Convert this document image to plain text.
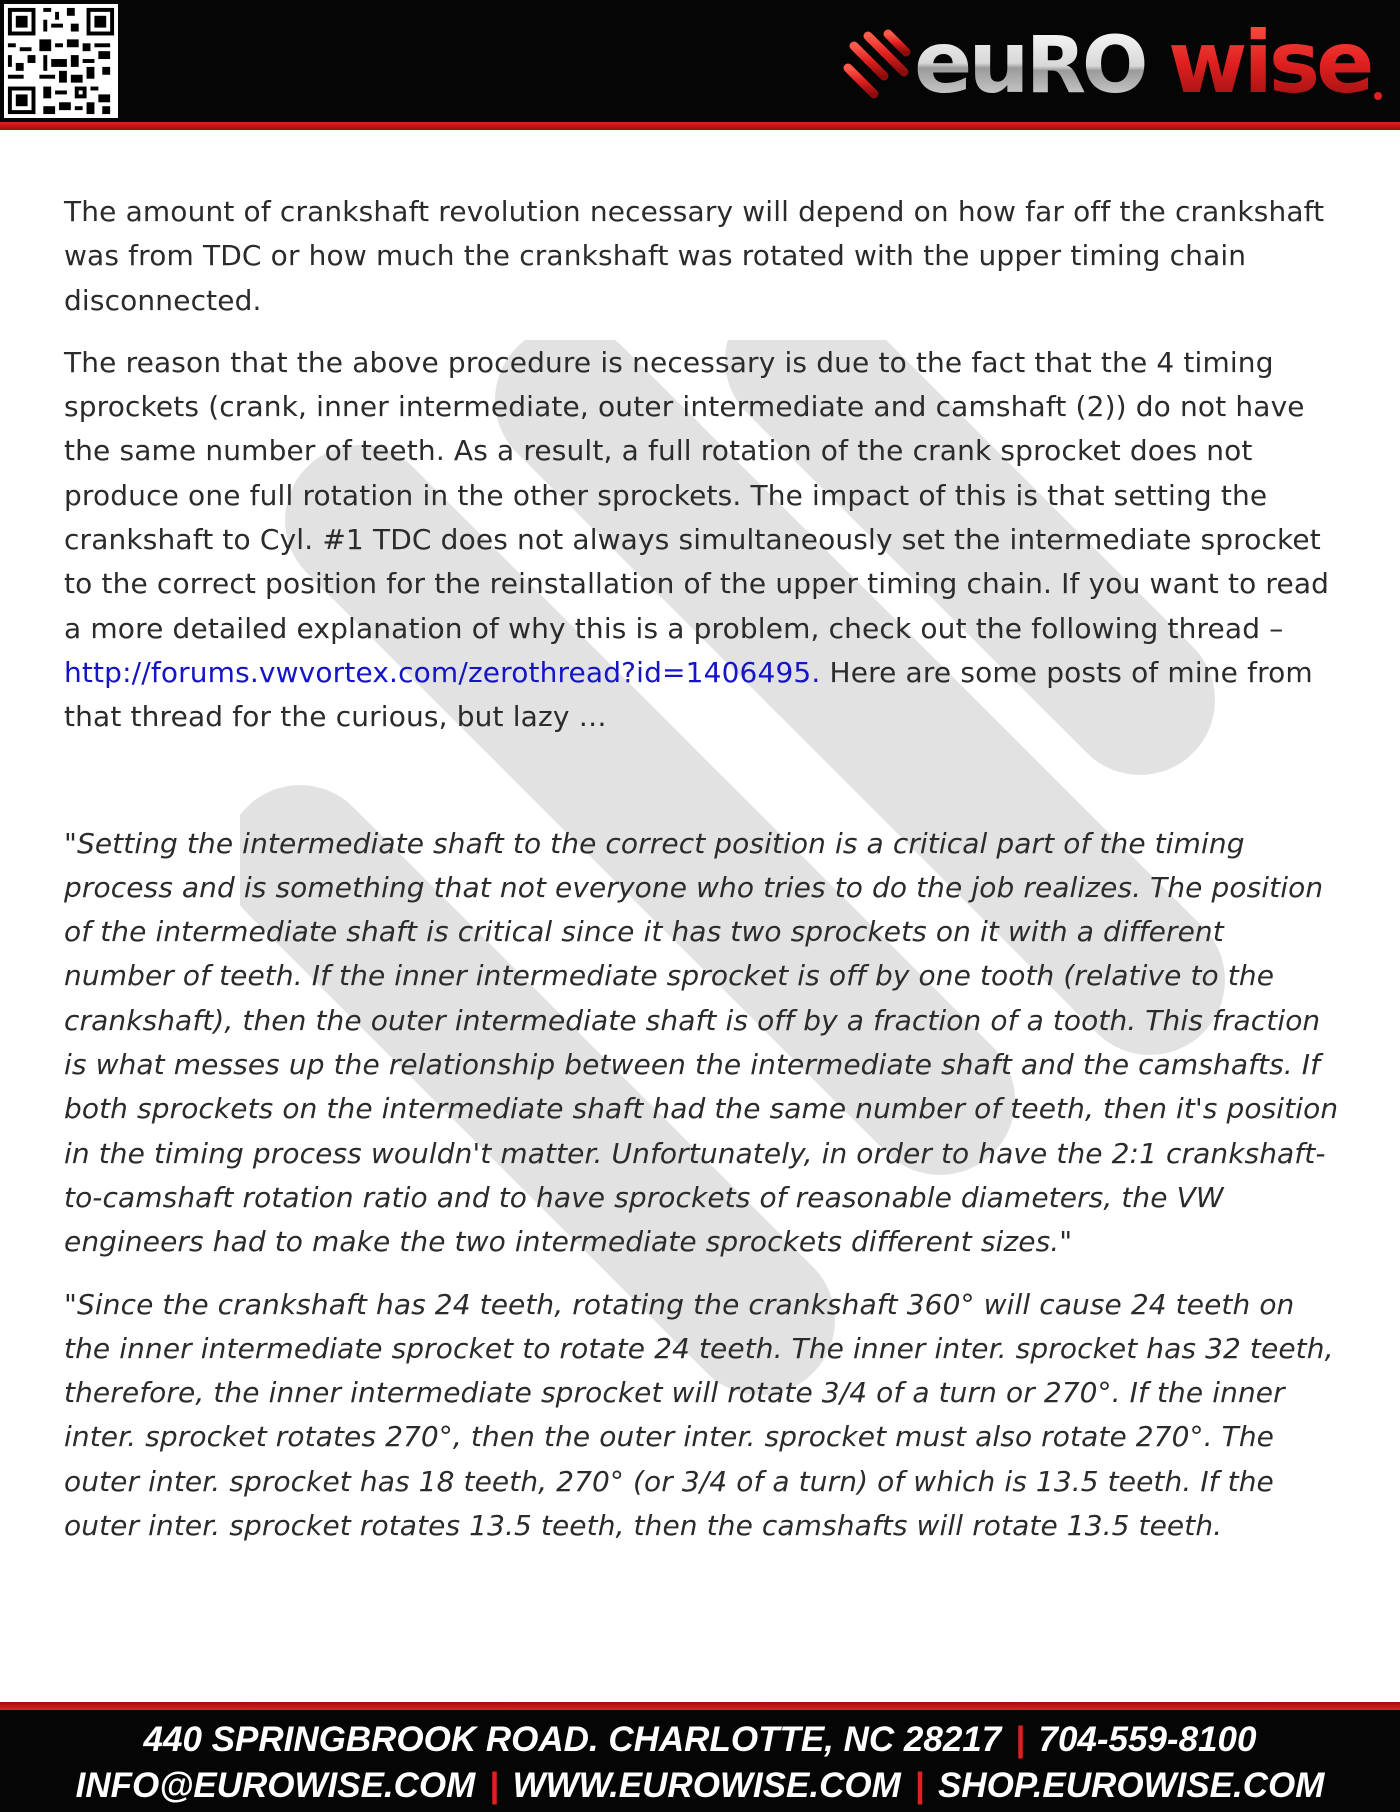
eu RO wise

The amount of crankshaft revolution necessary will depend on how far off the crankshaft was from TDC or how much the crankshaft was rotated with the upper timing chain disconnected.

The reason that the above procedure is necessary is due to the fact that the 4 timing sprockets (crank, inner intermediate, outer intermediate and camshaft (2)) do not have the same number of teeth. As a result, a full rotation of the crank sprocket does not produce one full rotation in the other sprockets. The impact of this is that setting the crankshaft to Cyl. #1 TDC does not always simultaneously set the intermediate sprocket to the correct position for the reinstallation of the upper timing chain. If you want to read a more detailed explanation of why this is a problem, check out the following thread – http://forums.vwvortex.com/zerothread?id=1406495. Here are some posts of mine from that thread for the curious, but lazy …

"Setting the intermediate shaft to the correct position is a critical part of the timing process and is something that not everyone who tries to do the job realizes. The position of the intermediate shaft is critical since it has two sprockets on it with a different number of teeth. If the inner intermediate sprocket is off by one tooth (relative to the crankshaft), then the outer intermediate shaft is off by a fraction of a tooth. This fraction is what messes up the relationship between the intermediate shaft and the camshafts. If both sprockets on the intermediate shaft had the same number of teeth, then it's position in the timing process wouldn't matter. Unfortunately, in order to have the 2:1 crankshaft-to-camshaft rotation ratio and to have sprockets of reasonable diameters, the VW engineers had to make the two intermediate sprockets different sizes."

"Since the crankshaft has 24 teeth, rotating the crankshaft 360° will cause 24 teeth on the inner intermediate sprocket to rotate 24 teeth. The inner inter. sprocket has 32 teeth, therefore, the inner intermediate sprocket will rotate 3/4 of a turn or 270°. If the inner inter. sprocket rotates 270°, then the outer inter. sprocket must also rotate 270°. The outer inter. sprocket has 18 teeth, 270° (or 3/4 of a turn) of which is 13.5 teeth. If the outer inter. sprocket rotates 13.5 teeth, then the camshafts will rotate 13.5 teeth.

440 SPRINGBROOK ROAD. CHARLOTTE, NC 28217 | 704-559-8100
INFO@EUROWISE.COM | WWW.EUROWISE.COM | SHOP.EUROWISE.COM
